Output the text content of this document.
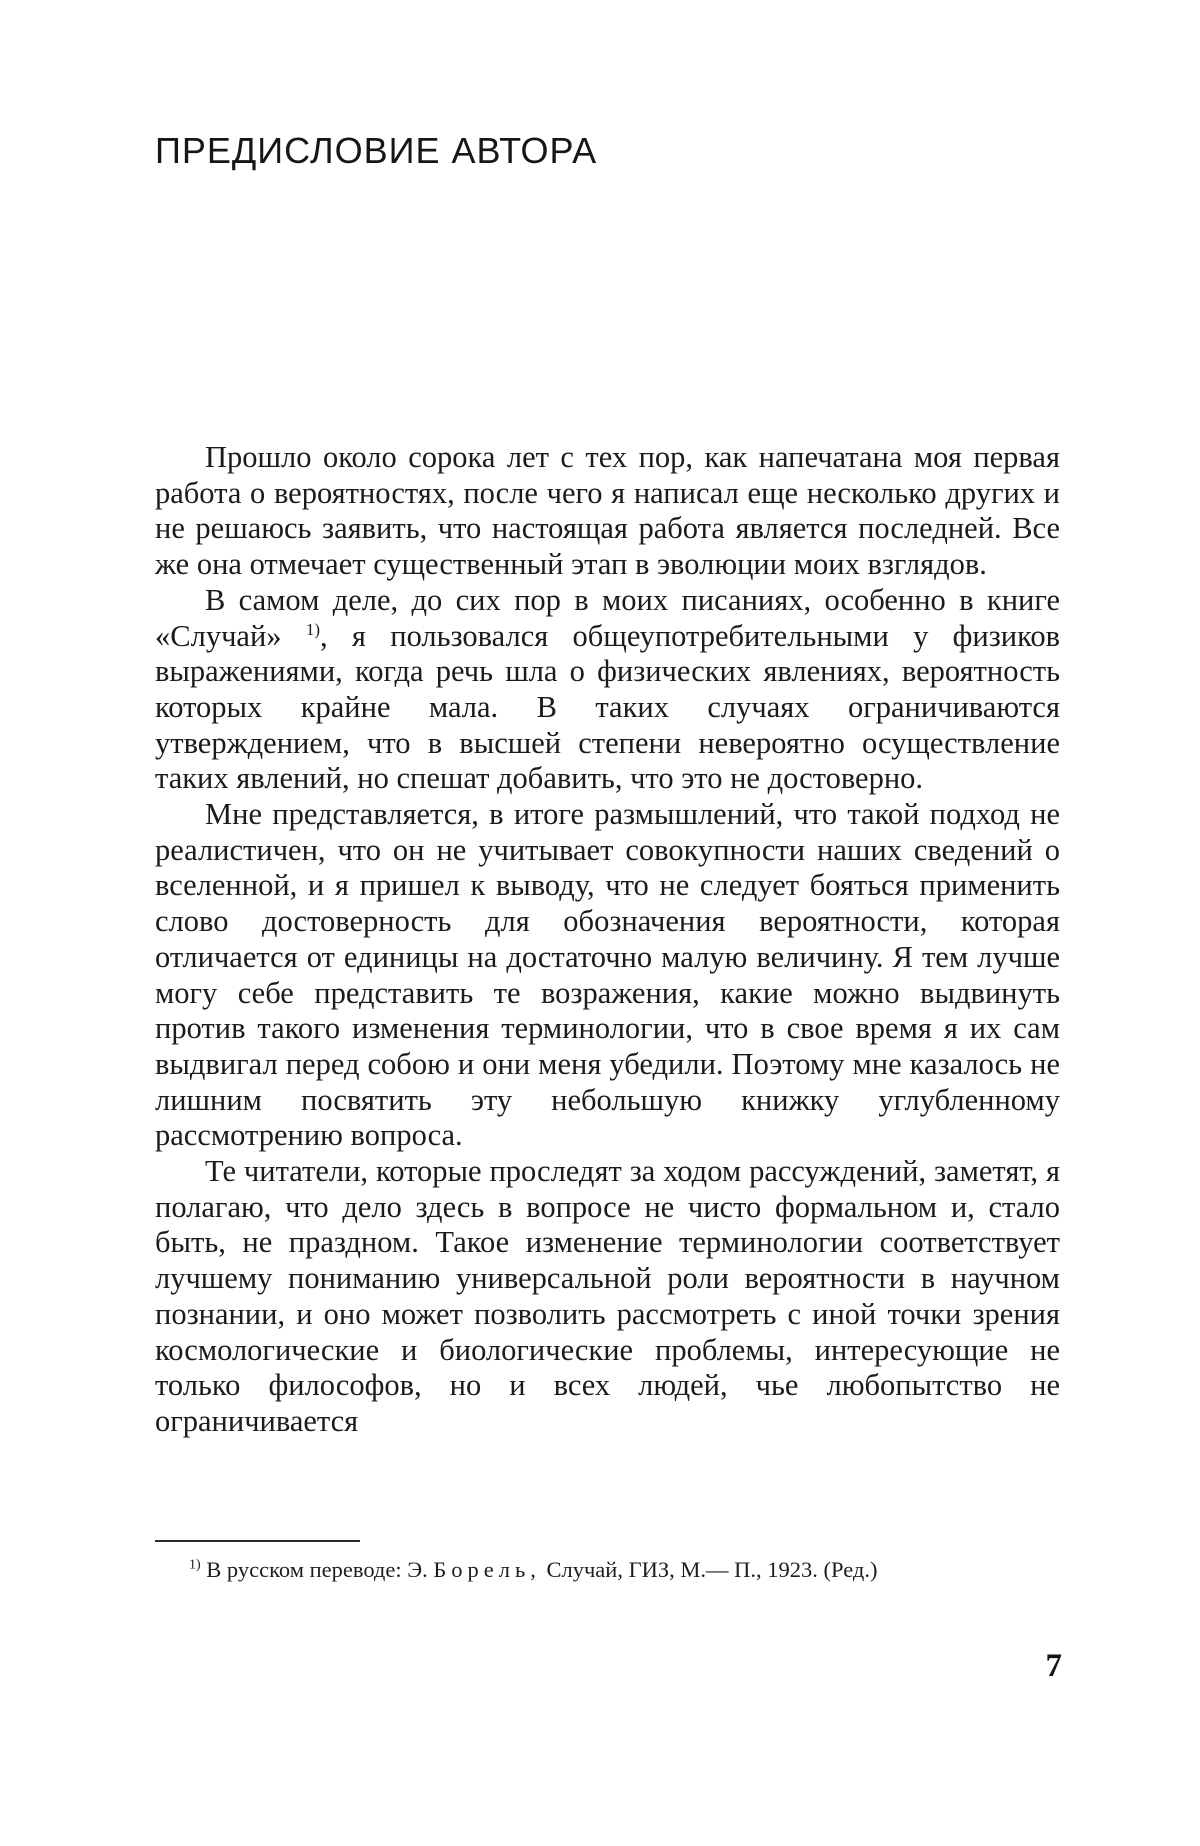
ПРЕДИСЛОВИЕ АВТОРА

Прошло около сорока лет с тех пор, как напечатана моя первая работа о вероятностях, после чего я написал еще несколько других и не решаюсь заявить, что настоящая работа является последней. Все же она отмечает существенный этап в эволюции моих взглядов.

В самом деле, до сих пор в моих писаниях, особенно в книге «Случай» $^{1)}$, я пользовался общеупотребительными у физиков выражениями, когда речь шла о физических явлениях, вероятность которых крайне мала. В таких случаях ограничиваются утверждением, что в высшей степени невероятно осуществление таких явлений, но спешат добавить, что это не достоверно.

Мне представляется, в итоге размышлений, что такой подход не реалистичен, что он не учитывает совокупности наших сведений о вселенной, и я пришел к выводу, что не следует бояться применить слово достоверность для обозначения вероятности, которая отличается от единицы на достаточно малую величину. Я тем лучше могу себе представить те возражения, какие можно выдвинуть против такого изменения терминологии, что в свое время я их сам выдвигал перед собою и они меня убедили. Поэтому мне казалось не лишним посвятить эту небольшую книжку углубленному рассмотрению вопроса.

Те читатели, которые проследят за ходом рассуждений, заметят, я полагаю, что дело здесь в вопросе не чисто формальном и, стало быть, не праздном. Такое изменение терминологии соответствует лучшему пониманию универсальной роли вероятности в научном познании, и оно может позволить рассмотреть с иной точки зрения космологические и биологические проблемы, интересующие не только философов, но и всех людей, чье любопытство не ограничивается

$^{1)}$ В русском переводе: Э. Борель, Случай, ГИЗ, М.— П., 1923. (Ред.)

7
